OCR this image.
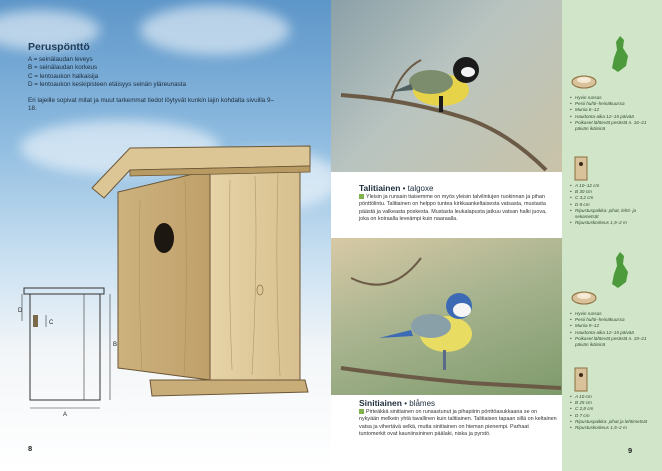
Peruspönttö
A = seinälaudan leveys
B = seinälaudan korkeus
C = lentoaukon halkaisija
D = lentoaukon keskipisteen etäisyys seinän yläreunasta
Eri lajeille sopivat mitat ja muut tarkemmat tiedot löytyvät kunkin lajin kohdalta sivuilla 9–18.
D
C
B
A
8
Talitiainen • talgoxe
Yleisin ja runsain tiaisemme on myös yleisin talvilintujen ruokinnan ja pihan pönttölintu. Talitiainen on helppo tuntea kirkkaankeltaisesta vatsasta, mustasta päästä ja valkeasta poskesta. Mustasta leukalapusta jatkuu vatsan halki juova, joka on koiraalla leveämpi kuin naaraalla.
Sinitiainen • blåmes
Pirteäkkä sinitiainen on runsastunut ja pihapiirin pönttöasukkaana se on nykyään melkein yhtä tavallinen kuin talitiainen. Talitiaisen tapaan sillä on keltainen vatsa ja vihertävä selkä, mutta sinitiainen on hieman pienempi. Parhaat tuntomerkit ovat kauniinsininen päälaki, niska ja pyrstö.
• Hyvin runsas
• Pesii huhti–heinäkuussa
• Munia 6–12
• Haudonta-aika 12–15 päivää
• Poikaset lähtevät pesästä n. 16–21 päivän ikäisinä
• A 10–12 cm
• B 30 cm
• C 3,2 cm
• D 8 cm
• Ripustuspaikka: pihat, lehti- ja sekametsät
• Ripustuskorkeus 1,5–2 m
• Hyvin runsas
• Pesii huhti–heinäkuussa
• Munia 9–12
• Haudonta-aika 12–15 päivää
• Poikaset lähtevät pesästä n. 19–21 päivän ikäisinä
• A 10 cm
• B 25 cm
• C 2,8 cm
• D 7 cm
• Ripustuspaikka: pihat ja lehtimetsät
• Ripustuskorkeus 1,5–2 m
9
